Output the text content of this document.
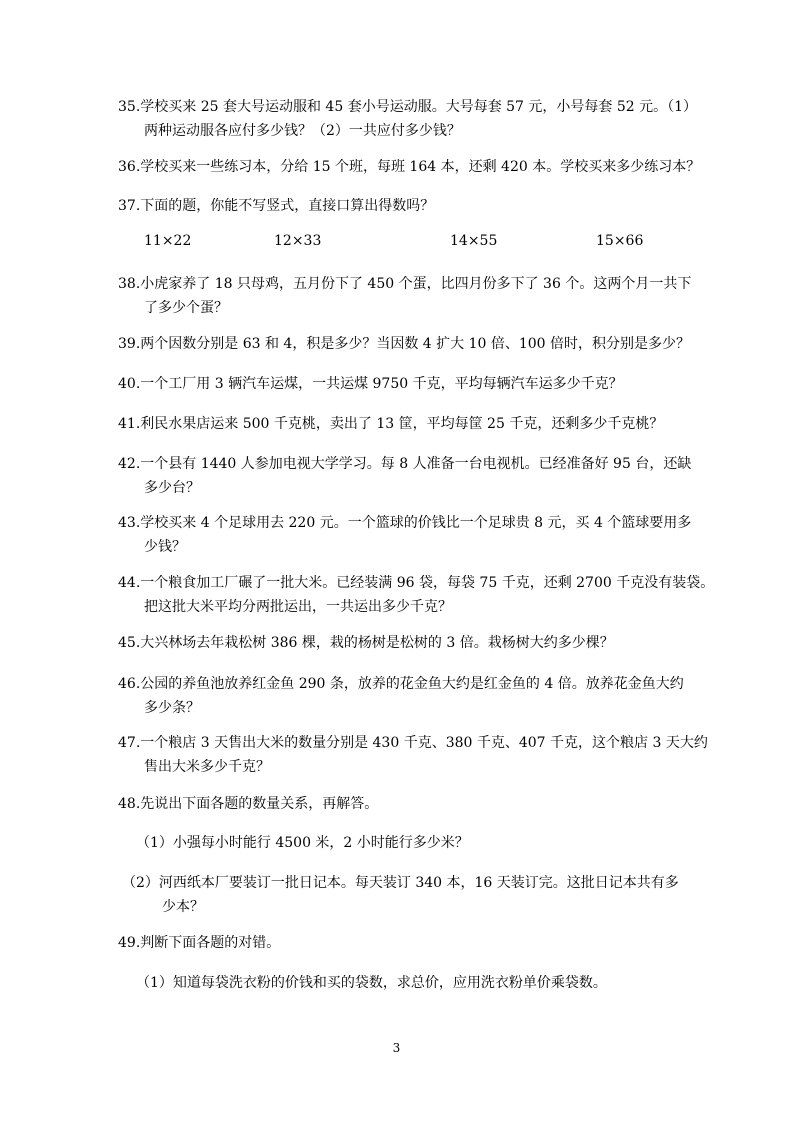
35.学校买来 25 套大号运动服和 45 套小号运动服。大号每套 57 元，小号每套 52 元。（1）
两种运动服各应付多少钱？（2）一共应付多少钱？
36.学校买来一些练习本，分给 15 个班，每班 164 本，还剩 420 本。学校买来多少练习本？
37.下面的题，你能不写竖式，直接口算出得数吗？
11×22	12×33	14×55	15×66
38.小虎家养了 18 只母鸡，五月份下了 450 个蛋，比四月份多下了 36 个。这两个月一共下
了多少个蛋？
39.两个因数分别是 63 和 4，积是多少？当因数 4 扩大 10 倍、100 倍时，积分别是多少？
40.一个工厂用 3 辆汽车运煤，一共运煤 9750 千克，平均每辆汽车运多少千克？
41.利民水果店运来 500 千克桃，卖出了 13 筐，平均每筐 25 千克，还剩多少千克桃？
42.一个县有 1440 人参加电视大学学习。每 8 人准备一台电视机。已经准备好 95 台，还缺
多少台？
43.学校买来 4 个足球用去 220 元。一个篮球的价钱比一个足球贵 8 元，买 4 个篮球要用多
少钱？
44.一个粮食加工厂碾了一批大米。已经装满 96 袋，每袋 75 千克，还剩 2700 千克没有装袋。
把这批大米平均分两批运出，一共运出多少千克？
45.大兴林场去年栽松树 386 棵，栽的杨树是松树的 3 倍。栽杨树大约多少棵？
46.公园的养鱼池放养红金鱼 290 条，放养的花金鱼大约是红金鱼的 4 倍。放养花金鱼大约
多少条？
47.一个粮店 3 天售出大米的数量分别是 430 千克、380 千克、407 千克，这个粮店 3 天大约
售出大米多少千克？
48.先说出下面各题的数量关系，再解答。
（1）小强每小时能行 4500 米，2 小时能行多少米？
（2）河西纸本厂要装订一批日记本。每天装订 340 本，16 天装订完。这批日记本共有多
少本？
49.判断下面各题的对错。
（1）知道每袋洗衣粉的价钱和买的袋数，求总价，应用洗衣粉单价乘袋数。
3
